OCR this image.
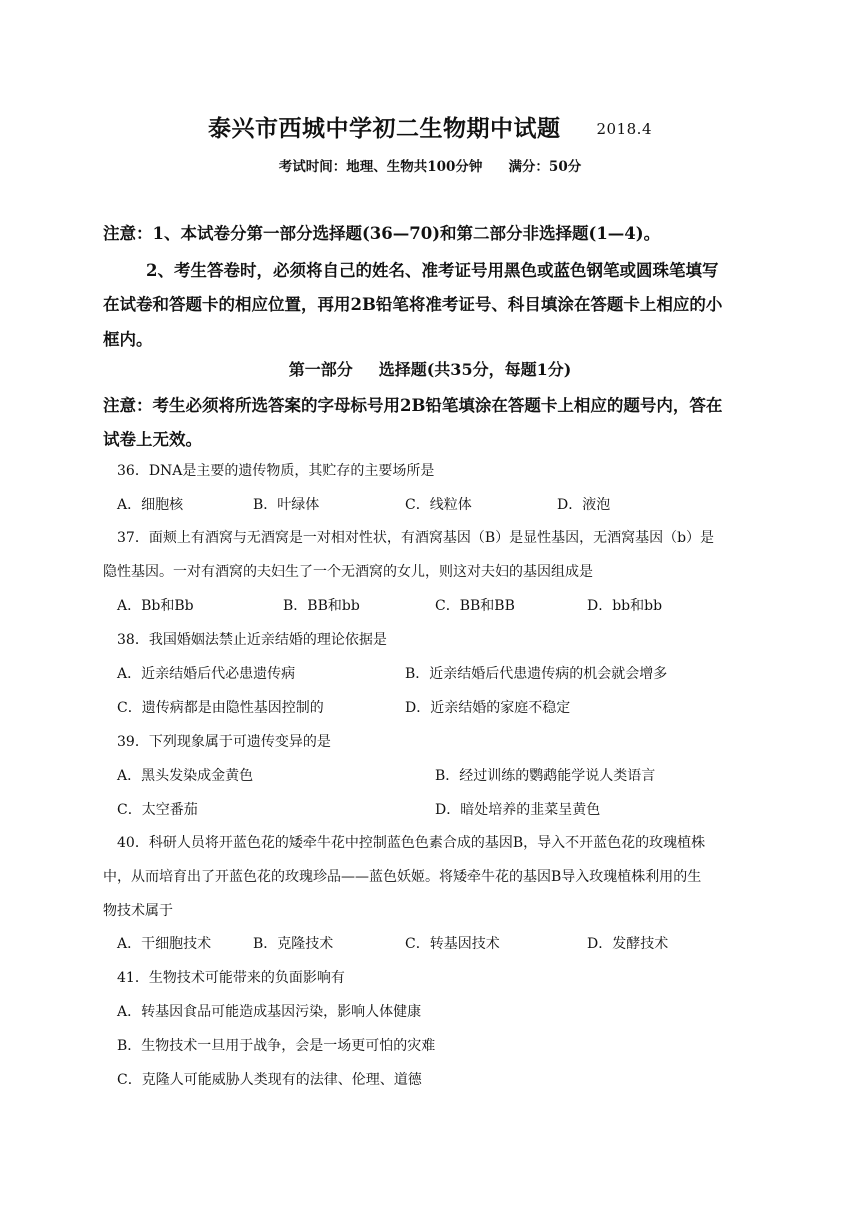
泰兴市西城中学初二生物期中试题 2018.4
考试时间：地理、生物共100分钟 满分：50分
注意：1、本试卷分第一部分选择题(36—70)和第二部分非选择题(1—4)。
2、考生答卷时，必须将自己的姓名、准考证号用黑色或蓝色钢笔或圆珠笔填写
在试卷和答题卡的相应位置，再用2B铅笔将准考证号、科目填涂在答题卡上相应的小
框内。
第一部分 选择题(共35分，每题1分)
注意：考生必须将所选答案的字母标号用2B铅笔填涂在答题卡上相应的题号内，答在
试卷上无效。
36．DNA是主要的遗传物质，其贮存的主要场所是
A．细胞核	B．叶绿体	C．线粒体	D．液泡
37．面颊上有酒窝与无酒窝是一对相对性状，有酒窝基因（B）是显性基因，无酒窝基因（b）是
隐性基因。一对有酒窝的夫妇生了一个无酒窝的女儿，则这对夫妇的基因组成是
A．Bb和Bb	B．BB和bb	C．BB和BB	D．bb和bb
38．我国婚姻法禁止近亲结婚的理论依据是
A．近亲结婚后代必患遗传病	B．近亲结婚后代患遗传病的机会就会增多
C．遗传病都是由隐性基因控制的	D．近亲结婚的家庭不稳定
39．下列现象属于可遗传变异的是
A．黑头发染成金黄色	B．经过训练的鹦鹉能学说人类语言
C．太空番茄	D．暗处培养的韭菜呈黄色
40．科研人员将开蓝色花的矮牵牛花中控制蓝色色素合成的基因B，导入不开蓝色花的玫瑰植株
中，从而培育出了开蓝色花的玫瑰珍品——蓝色妖姬。将矮牵牛花的基因B导入玫瑰植株利用的生
物技术属于
A．干细胞技术	B．克隆技术	C．转基因技术	D．发酵技术
41．生物技术可能带来的负面影响有
A．转基因食品可能造成基因污染，影响人体健康
B．生物技术一旦用于战争，会是一场更可怕的灾难
C．克隆人可能威胁人类现有的法律、伦理、道德
